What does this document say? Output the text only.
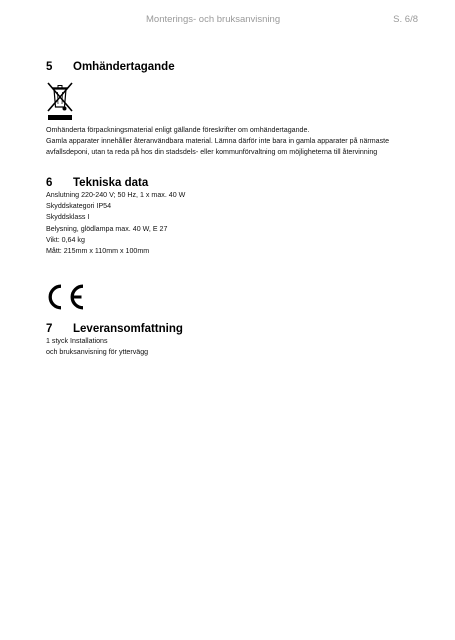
Monterings- och bruksanvisning	S. 6/8
5 Omhändertagande
Omhänderta förpackningsmaterial enligt gällande föreskrifter om omhändertagande.
Gamla apparater innehåller återanvändbara material. Lämna därför inte bara in gamla apparater på närmaste
avfallsdeponi, utan ta reda på hos din stadsdels- eller kommunförvaltning om möjligheterna till återvinning
6 Tekniska data
Anslutning 220-240 V; 50 Hz, 1 x max. 40 W
Skyddskategori IP54
Skyddsklass I
Belysning, glödlampa max. 40 W, E 27
Vikt: 0,64 kg
Mått: 215mm x 110mm x 100mm
7 Leveransomfattning
1 styck Installations
och bruksanvisning för yttervägg
